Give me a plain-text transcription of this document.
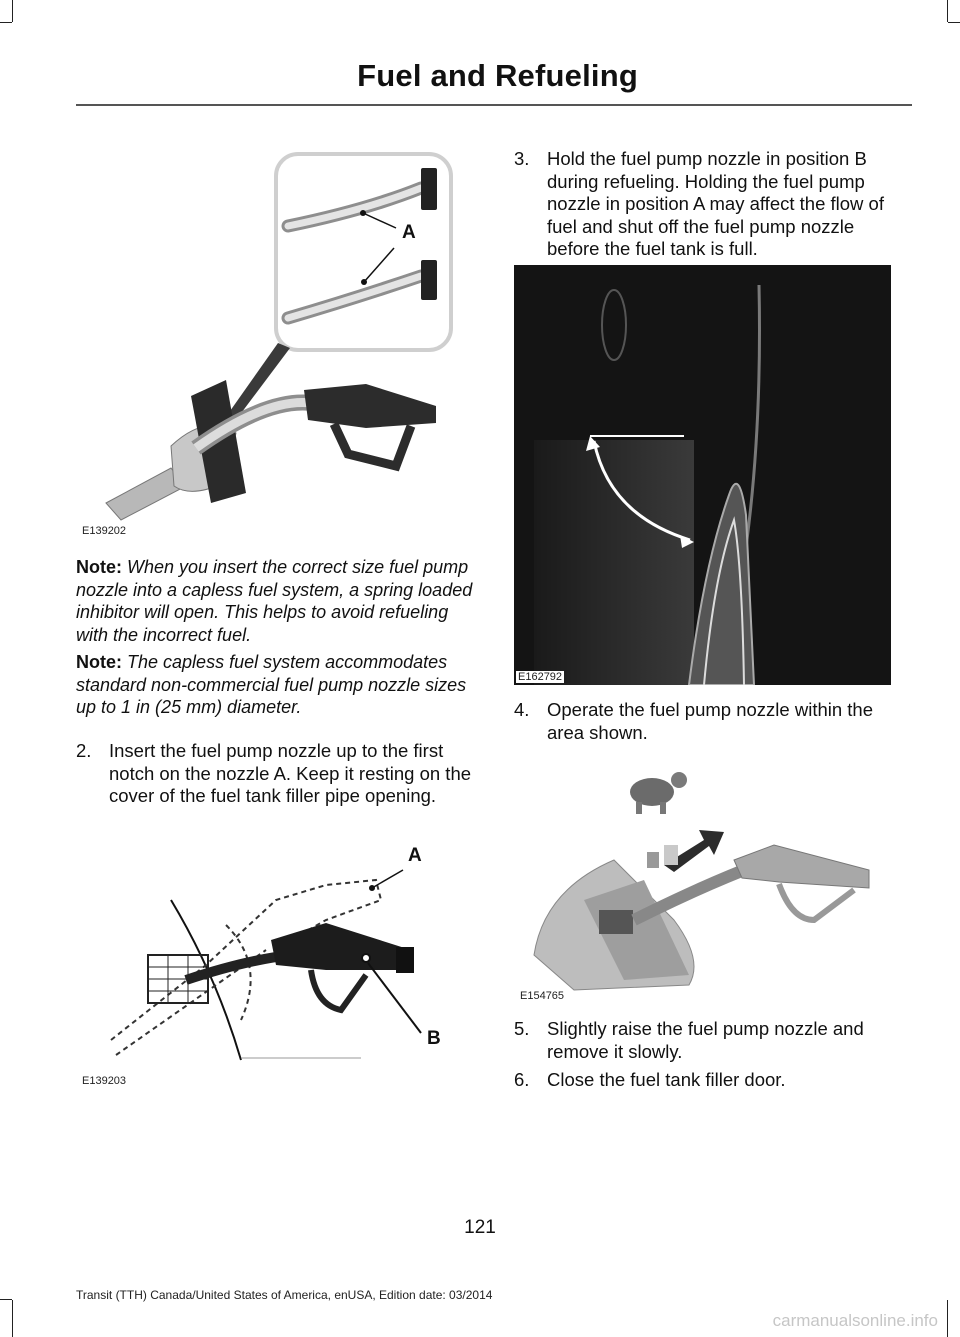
Fuel and Refueling
E139202
A
Note: When you insert the correct size fuel pump nozzle into a capless fuel system, a spring loaded inhibitor will open. This helps to avoid refueling with the incorrect fuel.
Note: The capless fuel system accommodates standard non-commercial fuel pump nozzle sizes up to 1 in (25 mm) diameter.
2. Insert the fuel pump nozzle up to the first notch on the nozzle A. Keep it resting on the cover of the fuel tank filler pipe opening.
A
B
E139203
3. Hold the fuel pump nozzle in position B during refueling. Holding the fuel pump nozzle in position A may affect the flow of fuel and shut off the fuel pump nozzle before the fuel tank is full.
E162792
4. Operate the fuel pump nozzle within the area shown.
E154765
5. Slightly raise the fuel pump nozzle and remove it slowly.
6. Close the fuel tank filler door.
121
Transit (TTH) Canada/United States of America, enUSA, Edition date: 03/2014
carmanualsonline.info
